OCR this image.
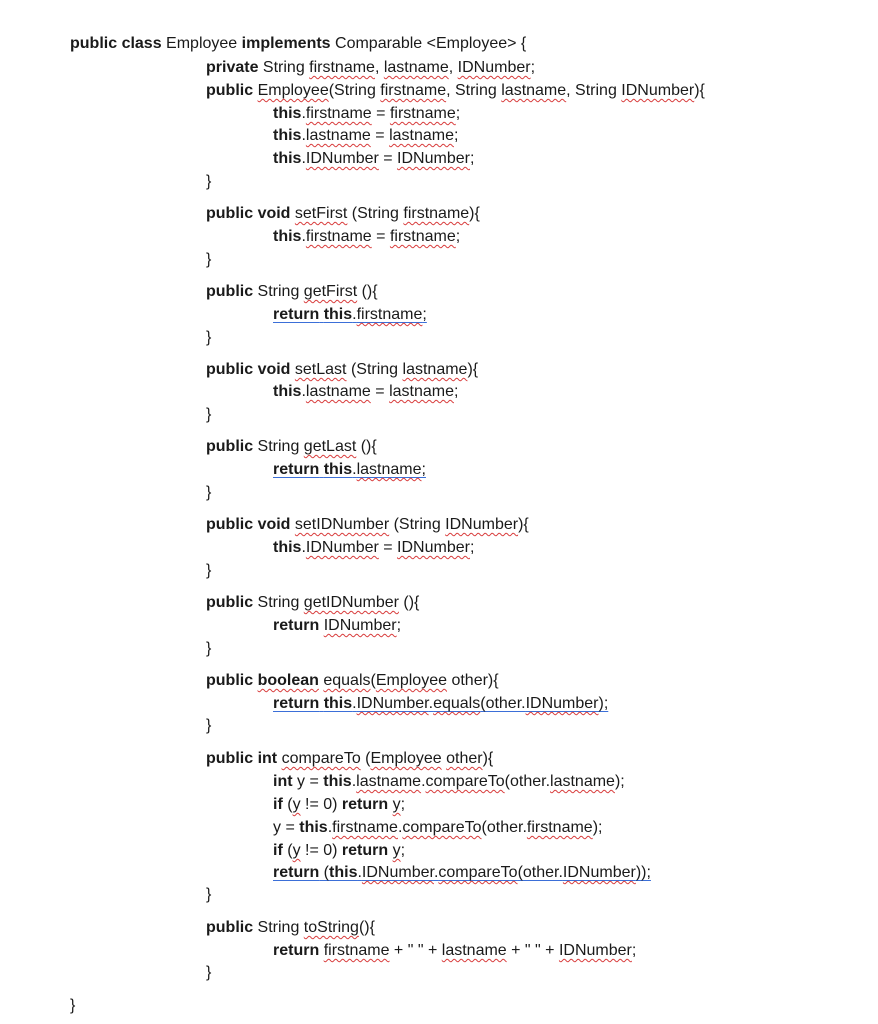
public class Employee implements Comparable <Employee> {
private String firstname, lastname, IDNumber;
public Employee(String firstname, String lastname, String IDNumber){
this.firstname = firstname;
this.lastname = lastname;
this.IDNumber = IDNumber;
}
public void setFirst (String firstname){
this.firstname = firstname;
}
public String getFirst (){
return this.firstname;
}
public void setLast (String lastname){
this.lastname = lastname;
}
public String getLast (){
return this.lastname;
}
public void setIDNumber (String IDNumber){
this.IDNumber = IDNumber;
}
public String getIDNumber (){
return IDNumber;
}
public boolean equals(Employee other){
return this.IDNumber.equals(other.IDNumber);
}
public int compareTo (Employee other){
int y = this.lastname.compareTo(other.lastname);
if (y != 0) return y;
y = this.firstname.compareTo(other.firstname);
if (y != 0) return y;
return (this.IDNumber.compareTo(other.IDNumber));
}
public String toString(){
return firstname + " " + lastname + " " + IDNumber;
}
}
